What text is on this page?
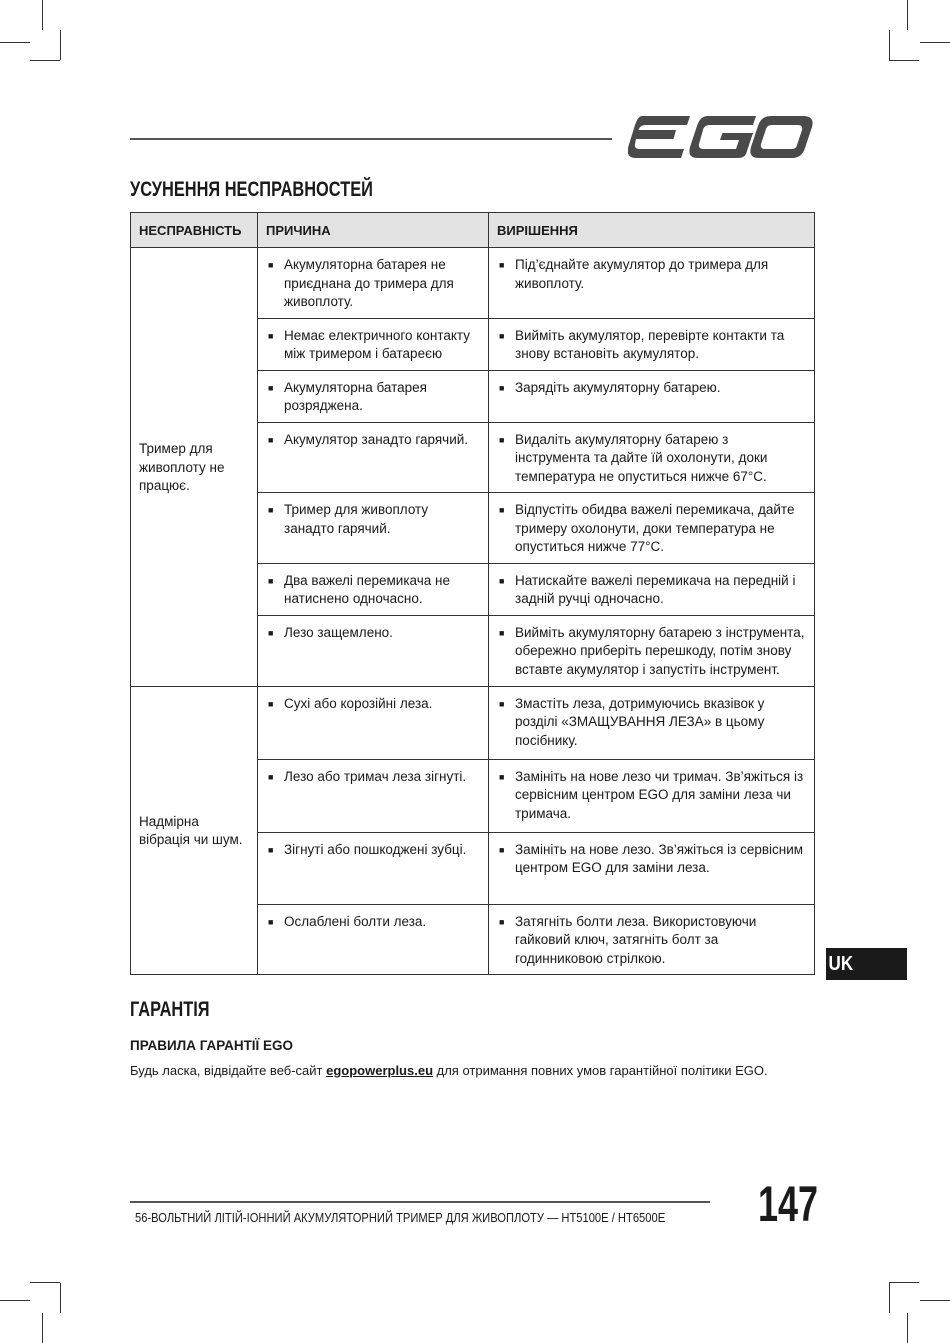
УСУНЕННЯ НЕСПРАВНОСТЕЙ
НЕСПРАВНІСТЬ	ПРИЧИНА	ВИРІШЕННЯ
Тример для живоплоту не працює.	■ Акумуляторна батарея не приєднана до тримера для живоплоту.	■ Під’єднайте акумулятор до тримера для живоплоту.

	■ Немає електричного контакту між тримером і батареєю	■ Вийміть акумулятор, перевірте контакти та знову встановіть акумулятор.

	■ Акумуляторна батарея розряджена.	■ Зарядіть акумуляторну батарею.

	■ Акумулятор занадто гарячий.	■ Видаліть акумуляторну батарею з інструмента та дайте їй охолонути, доки температура не опуститься нижче 67°C.

	■ Тример для живоплоту занадто гарячий.	■ Відпустіть обидва важелі перемикача, дайте тримеру охолонути, доки температура не опуститься нижче 77°C.

	■ Два важелі перемикача не натиснено одночасно.	■ Натискайте важелі перемикача на передній і задній ручці одночасно.

	■ Лезо защемлено.	■ Вийміть акумуляторну батарею з інструмента, обережно приберіть перешкоду, потім знову вставте акумулятор і запустіть інструмент.

Надмірна вібрація чи шум.	■ Сухі або корозійні леза.	■ Змастіть леза, дотримуючись вказівок у розділі «ЗМАЩУВАННЯ ЛЕЗА» в цьому посібнику.

	■ Лезо або тримач леза зігнуті.	■ Замініть на нове лезо чи тримач. Зв’яжіться із сервісним центром EGO для заміни леза чи тримача.

	■ Зігнуті або пошкоджені зубці.	■ Замініть на нове лезо. Зв’яжіться із сервісним центром EGO для заміни леза.

	■ Ослаблені болти леза.	■ Затягніть болти леза. Використовуючи гайковий ключ, затягніть болт за годинниковою стрілкою.	UK
ГАРАНТІЯ

ПРАВИЛА ГАРАНТІЇ EGO

Будь ласка, відвідайте веб-сайт egopowerplus.eu для отримання повних умов гарантійної політики EGO.

56-ВОЛЬТНИЙ ЛІТІЙ-ІОННИЙ АКУМУЛЯТОРНИЙ ТРИМЕР ДЛЯ ЖИВОПЛОТУ — HT5100E / HT6500E 147
